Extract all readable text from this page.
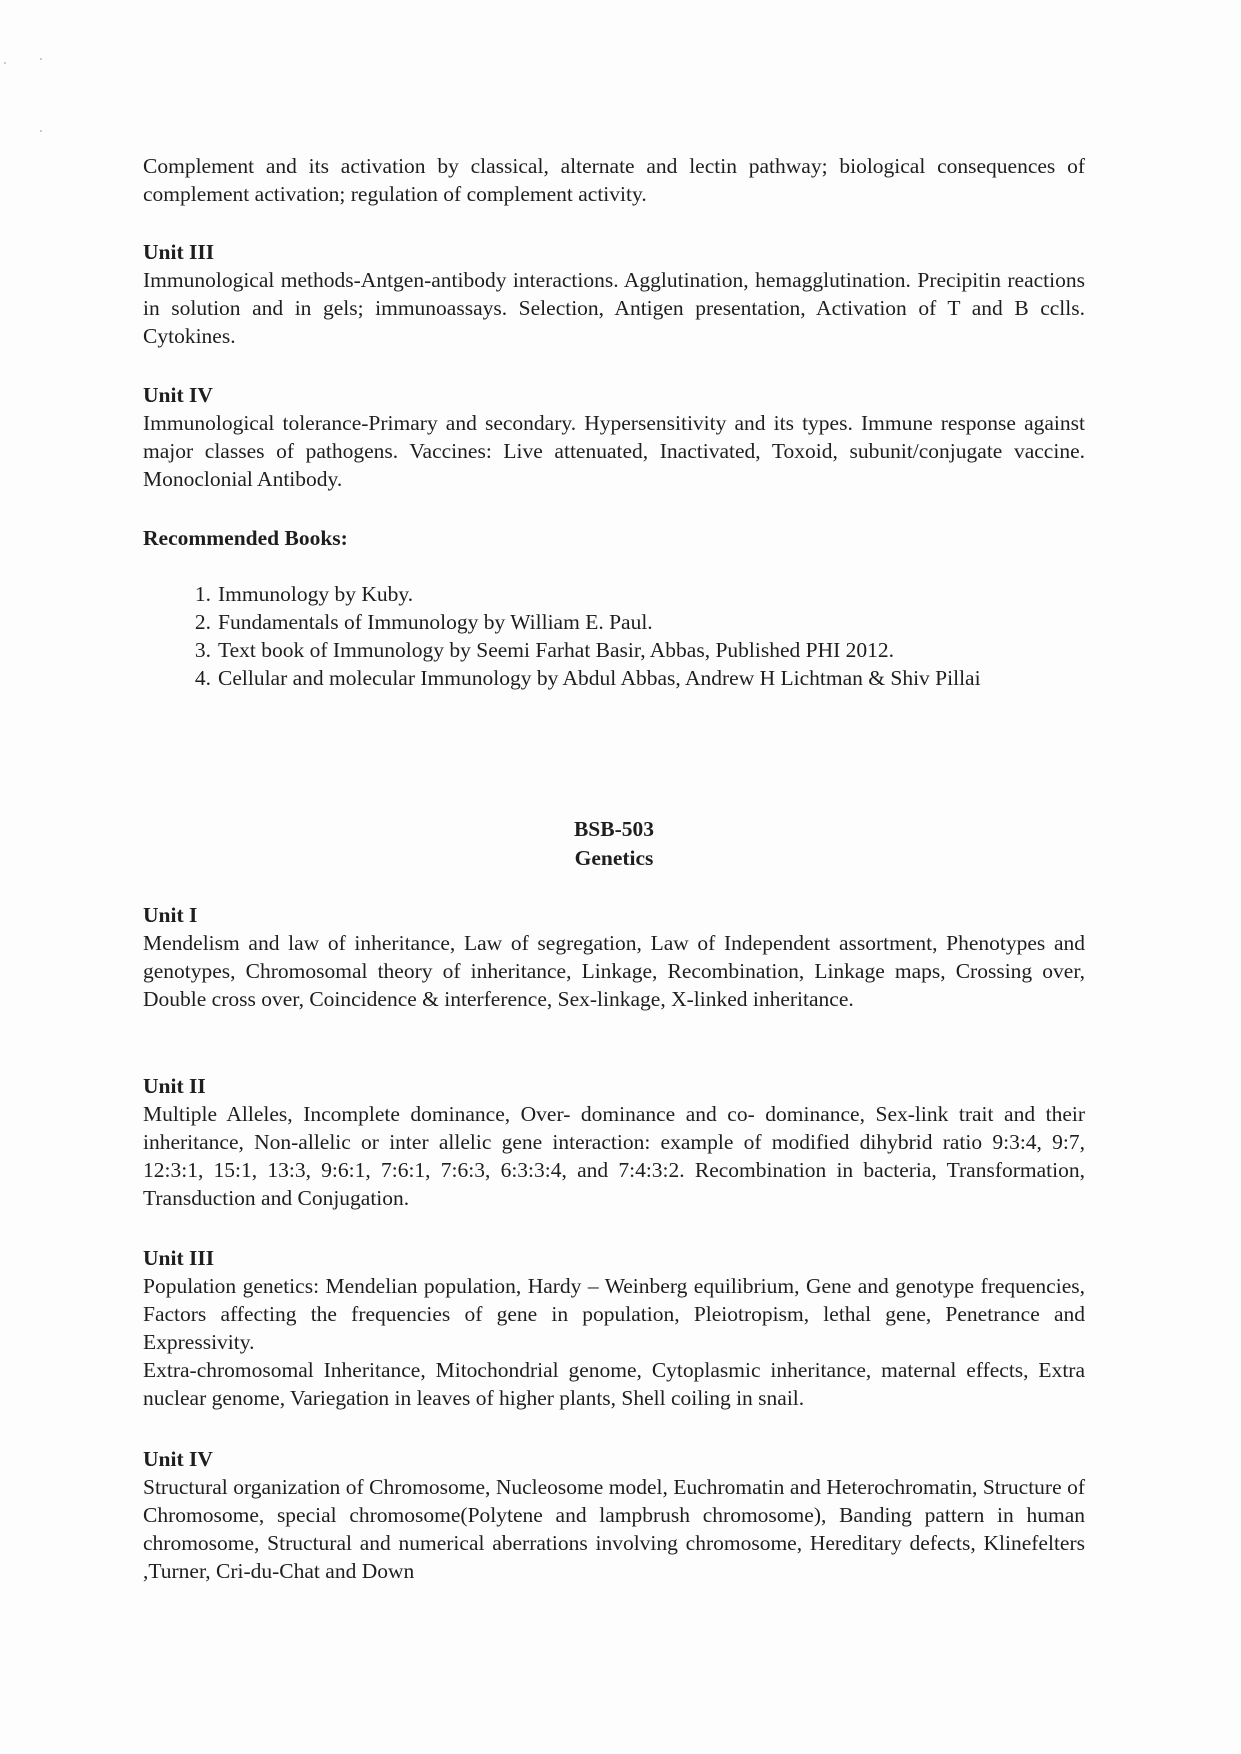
Complement and its activation by classical, alternate and lectin pathway; biological consequences of complement activation; regulation of complement activity.

Unit III

Immunological methods-Antgen-antibody interactions. Agglutination, hemagglutination. Precipitin reactions in solution and in gels; immunoassays. Selection, Antigen presentation, Activation of T and B cclls. Cytokines.

Unit IV

Immunological tolerance-Primary and secondary. Hypersensitivity and its types. Immune response against major classes of pathogens. Vaccines: Live attenuated, Inactivated, Toxoid, subunit/conjugate vaccine. Monoclonial Antibody.

Recommended Books:
1. Immunology by Kuby.
2. Fundamentals of Immunology by William E. Paul.
3. Text book of Immunology by Seemi Farhat Basir, Abbas, Published PHI 2012.
4. Cellular and molecular Immunology by Abdul Abbas, Andrew H Lichtman & Shiv Pillai
BSB-503
Genetics
Unit I

Mendelism and law of inheritance, Law of segregation, Law of Independent assortment, Phenotypes and genotypes, Chromosomal theory of inheritance, Linkage, Recombination, Linkage maps, Crossing over, Double cross over, Coincidence & interference, Sex-linkage, X-linked inheritance.

Unit II

Multiple Alleles, Incomplete dominance, Over- dominance and co- dominance, Sex-link trait and their inheritance, Non-allelic or inter allelic gene interaction: example of modified dihybrid ratio 9:3:4, 9:7, 12:3:1, 15:1, 13:3, 9:6:1, 7:6:1, 7:6:3, 6:3:3:4, and 7:4:3:2. Recombination in bacteria, Transformation, Transduction and Conjugation.

Unit III

Population genetics: Mendelian population, Hardy – Weinberg equilibrium, Gene and genotype frequencies, Factors affecting the frequencies of gene in population, Pleiotropism, lethal gene, Penetrance and Expressivity.

Extra-chromosomal Inheritance, Mitochondrial genome, Cytoplasmic inheritance, maternal effects, Extra nuclear genome, Variegation in leaves of higher plants, Shell coiling in snail.

Unit IV

Structural organization of Chromosome, Nucleosome model, Euchromatin and Heterochromatin, Structure of Chromosome, special chromosome(Polytene and lampbrush chromosome), Banding pattern in human chromosome, Structural and numerical aberrations involving chromosome, Hereditary defects, Klinefelters ,Turner, Cri-du-Chat and Down
